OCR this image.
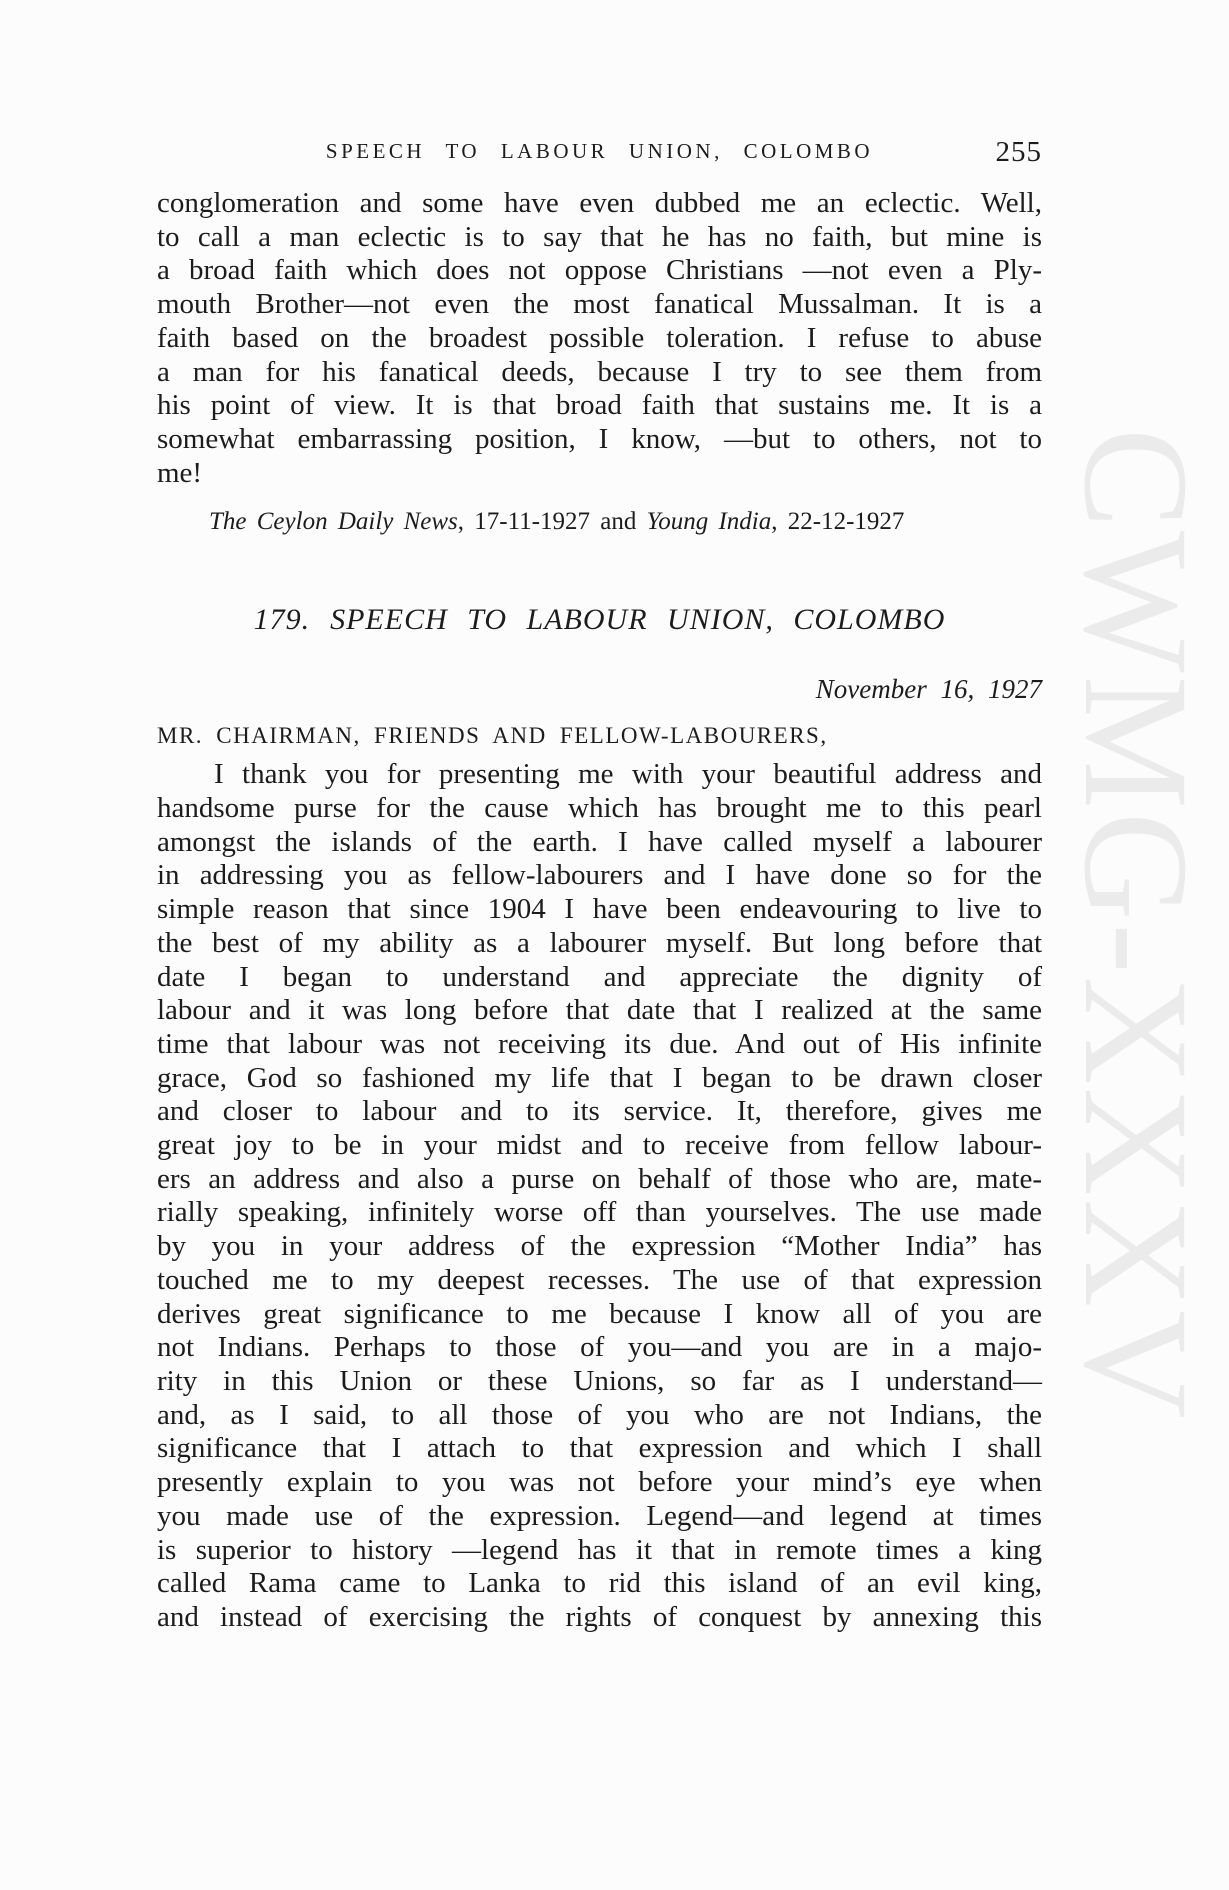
CWMG-XXXV
SPEECH TO LABOUR UNION, COLOMBO	255
conglomeration and some have even dubbed me an eclectic. Well,
to call a man eclectic is to say that he has no faith, but mine is
a broad faith which does not oppose Christians —not even a Ply-
mouth Brother—not even the most fanatical Mussalman. It is a
faith based on the broadest possible toleration. I refuse to abuse
a man for his fanatical deeds, because I try to see them from
his point of view. It is that broad faith that sustains me. It is a
somewhat embarrassing position, I know, —but to others, not to
me!

The Ceylon Daily News, 17-11-1927 and Young India, 22-12-1927

179. SPEECH TO LABOUR UNION, COLOMBO
November 16, 1927
MR. CHAIRMAN, FRIENDS AND FELLOW-LABOURERS,
I thank you for presenting me with your beautiful address and
handsome purse for the cause which has brought me to this pearl
amongst the islands of the earth. I have called myself a labourer
in addressing you as fellow-labourers and I have done so for the
simple reason that since 1904 I have been endeavouring to live to
the best of my ability as a labourer myself. But long before that
date I began to understand and appreciate the dignity of
labour and it was long before that date that I realized at the same
time that labour was not receiving its due. And out of His infinite
grace, God so fashioned my life that I began to be drawn closer
and closer to labour and to its service. It, therefore, gives me
great joy to be in your midst and to receive from fellow labour-
ers an address and also a purse on behalf of those who are, mate-
rially speaking, infinitely worse off than yourselves. The use made
by you in your address of the expression “Mother India” has
touched me to my deepest recesses. The use of that expression
derives great significance to me because I know all of you are
not Indians. Perhaps to those of you—and you are in a majo-
rity in this Union or these Unions, so far as I understand—
and, as I said, to all those of you who are not Indians, the
significance that I attach to that expression and which I shall
presently explain to you was not before your mind’s eye when
you made use of the expression. Legend—and legend at times
is superior to history —legend has it that in remote times a king
called Rama came to Lanka to rid this island of an evil king,
and instead of exercising the rights of conquest by annexing this
